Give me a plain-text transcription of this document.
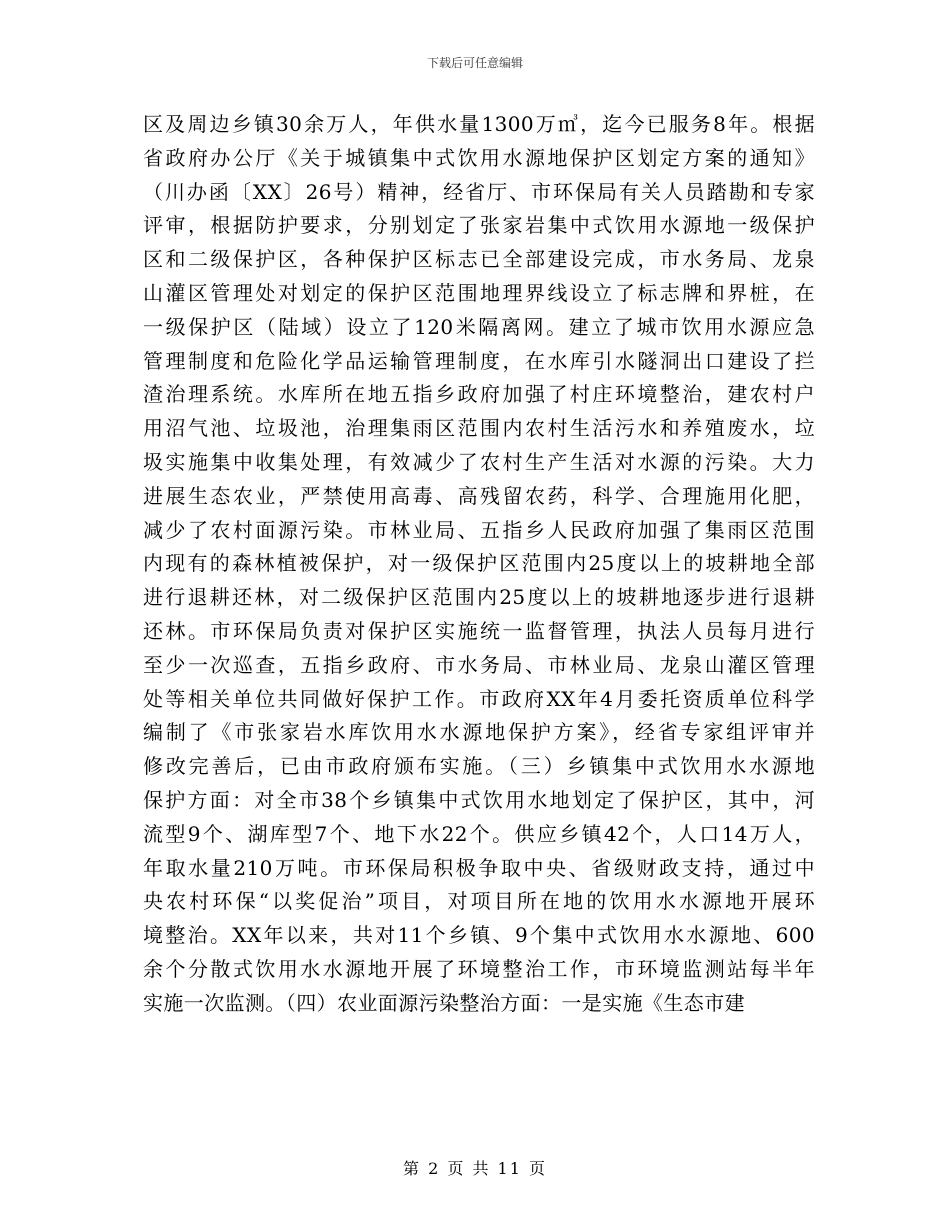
下载后可任意编辑
区及周边乡镇30余万人，年供水量1300万㎥，迄今已服务8年。根据
省政府办公厅《关于城镇集中式饮用水源地保护区划定方案的通知》
（川办函〔XX〕26号）精神，经省厅、市环保局有关人员踏勘和专家
评审，根据防护要求，分别划定了张家岩集中式饮用水源地一级保护
区和二级保护区，各种保护区标志已全部建设完成，市水务局、龙泉
山灌区管理处对划定的保护区范围地理界线设立了标志牌和界桩，在
一级保护区（陆域）设立了120米隔离网。建立了城市饮用水源应急
管理制度和危险化学品运输管理制度，在水库引水隧洞出口建设了拦
渣治理系统。水库所在地五指乡政府加强了村庄环境整治，建农村户
用沼气池、垃圾池，治理集雨区范围内农村生活污水和养殖废水，垃
圾实施集中收集处理，有效减少了农村生产生活对水源的污染。大力
进展生态农业，严禁使用高毒、高残留农药，科学、合理施用化肥，
减少了农村面源污染。市林业局、五指乡人民政府加强了集雨区范围
内现有的森林植被保护，对一级保护区范围内25度以上的坡耕地全部
进行退耕还林，对二级保护区范围内25度以上的坡耕地逐步进行退耕
还林。市环保局负责对保护区实施统一监督管理，执法人员每月进行
至少一次巡查，五指乡政府、市水务局、市林业局、龙泉山灌区管理
处等相关单位共同做好保护工作。市政府XX年4月委托资质单位科学
编制了《市张家岩水库饮用水水源地保护方案》，经省专家组评审并
修改完善后，已由市政府颁布实施。（三）乡镇集中式饮用水水源地
保护方面：对全市38个乡镇集中式饮用水地划定了保护区，其中，河
流型9个、湖库型7个、地下水22个。供应乡镇42个，人口14万人，
年取水量210万吨。市环保局积极争取中央、省级财政支持，通过中
央农村环保“以奖促治”项目，对项目所在地的饮用水水源地开展环
境整治。XX年以来，共对11个乡镇、9个集中式饮用水水源地、600
余个分散式饮用水水源地开展了环境整治工作，市环境监测站每半年
实施一次监测。（四）农业面源污染整治方面：一是实施《生态市建
第 2 页 共 11 页
